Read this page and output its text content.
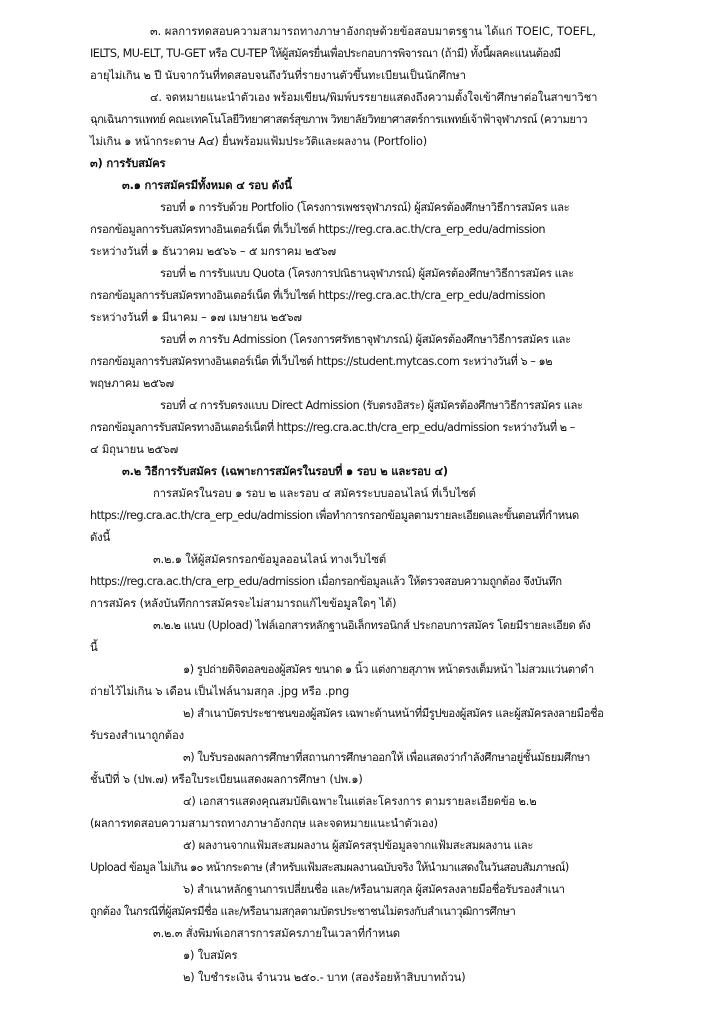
๓. ผลการทดสอบความสามารถทางภาษาอังกฤษด้วยข้อสอบมาตรฐาน ได้แก่ TOEIC, TOEFL,
IELTS, MU-ELT, TU-GET หรือ CU-TEP ให้ผู้สมัครยื่นเพื่อประกอบการพิจารณา (ถ้ามี) ทั้งนี้ผลคะแนนต้องมี
อายุไม่เกิน ๒ ปี นับจากวันที่ทดสอบจนถึงวันที่รายงานตัวขึ้นทะเบียนเป็นนักศึกษา
๔. จดหมายแนะนำตัวเอง พร้อมเขียน/พิมพ์บรรยายแสดงถึงความตั้งใจเข้าศึกษาต่อในสาขาวิชา
ฉุกเฉินการแพทย์ คณะเทคโนโลยีวิทยาศาสตร์สุขภาพ วิทยาลัยวิทยาศาสตร์การแพทย์เจ้าฟ้าจุฬาภรณ์ (ความยาว
ไม่เกิน ๑ หน้ากระดาษ A๔) ยื่นพร้อมแฟ้มประวัติและผลงาน (Portfolio)
๓) การรับสมัคร
๓.๑ การสมัครมีทั้งหมด ๔ รอบ ดังนี้
รอบที่ ๑ การรับด้วย Portfolio (โครงการเพชรจุฬาภรณ์) ผู้สมัครต้องศึกษาวิธีการสมัคร และ
กรอกข้อมูลการรับสมัครทางอินเตอร์เน็ต ที่เว็บไซต์ https://reg.cra.ac.th/cra_erp_edu/admission
ระหว่างวันที่ ๑ ธันวาคม ๒๕๖๖ – ๕ มกราคม ๒๕๖๗
รอบที่ ๒ การรับแบบ Quota (โครงการปณิธานจุฬาภรณ์) ผู้สมัครต้องศึกษาวิธีการสมัคร และ
กรอกข้อมูลการรับสมัครทางอินเตอร์เน็ต ที่เว็บไซต์ https://reg.cra.ac.th/cra_erp_edu/admission
ระหว่างวันที่ ๑ มีนาคม – ๑๗ เมษายน ๒๕๖๗
รอบที่ ๓ การรับ Admission (โครงการศรัทธาจุฬาภรณ์) ผู้สมัครต้องศึกษาวิธีการสมัคร และ
กรอกข้อมูลการรับสมัครทางอินเตอร์เน็ต ที่เว็บไซต์ https://student.mytcas.com ระหว่างวันที่ ๖ – ๑๒
พฤษภาคม ๒๕๖๗
รอบที่ ๔ การรับตรงแบบ Direct Admission (รับตรงอิสระ) ผู้สมัครต้องศึกษาวิธีการสมัคร และ
กรอกข้อมูลการรับสมัครทางอินเตอร์เน็ตที่ https://reg.cra.ac.th/cra_erp_edu/admission ระหว่างวันที่ ๒ –
๔ มิถุนายน ๒๕๖๗
๓.๒ วิธีการรับสมัคร (เฉพาะการสมัครในรอบที่ ๑ รอบ ๒ และรอบ ๔)
การสมัครในรอบ ๑ รอบ ๒ และรอบ ๔ สมัครระบบออนไลน์ ที่เว็บไซต์
https://reg.cra.ac.th/cra_erp_edu/admission เพื่อทำการกรอกข้อมูลตามรายละเอียดและขั้นตอนที่กำหนด
ดังนี้
๓.๒.๑ ให้ผู้สมัครกรอกข้อมูลออนไลน์ ทางเว็บไซต์
https://reg.cra.ac.th/cra_erp_edu/admission เมื่อกรอกข้อมูลแล้ว ให้ตรวจสอบความถูกต้อง จึงบันทึก
การสมัคร (หลังบันทึกการสมัครจะไม่สามารถแก้ไขข้อมูลใดๆ ได้)
๓.๒.๒ แนบ (Upload) ไฟล์เอกสารหลักฐานอิเล็กทรอนิกส์ ประกอบการสมัคร โดยมีรายละเอียด ดัง
นี้
๑) รูปถ่ายดิจิตอลของผู้สมัคร ขนาด ๑ นิ้ว แต่งกายสุภาพ หน้าตรงเต็มหน้า ไม่สวมแว่นตาดำ
ถ่ายไว้ไม่เกิน ๖ เดือน เป็นไฟล์นามสกุล .jpg หรือ .png
๒) สำเนาบัตรประชาชนของผู้สมัคร เฉพาะด้านหน้าที่มีรูปของผู้สมัคร และผู้สมัครลงลายมือชื่อ
รับรองสำเนาถูกต้อง
๓) ใบรับรองผลการศึกษาที่สถานการศึกษาออกให้ เพื่อแสดงว่ากำลังศึกษาอยู่ชั้นมัธยมศึกษา
ชั้นปีที่ ๖ (ปพ.๗) หรือใบระเบียนแสดงผลการศึกษา (ปพ.๑)
๔) เอกสารแสดงคุณสมบัติเฉพาะในแต่ละโครงการ ตามรายละเอียดข้อ ๒.๒
(ผลการทดสอบความสามารถทางภาษาอังกฤษ และจดหมายแนะนำตัวเอง)
๕) ผลงานจากแฟ้มสะสมผลงาน ผู้สมัครสรุปข้อมูลจากแฟ้มสะสมผลงาน และ
Upload ข้อมูล ไม่เกิน ๑๐ หน้ากระดาษ (สำหรับแฟ้มสะสมผลงานฉบับจริง ให้นำมาแสดงในวันสอบสัมภาษณ์)
๖) สำเนาหลักฐานการเปลี่ยนชื่อ และ/หรือนามสกุล ผู้สมัครลงลายมือชื่อรับรองสำเนา
ถูกต้อง ในกรณีที่ผู้สมัครมีชื่อ และ/หรือนามสกุลตามบัตรประชาชนไม่ตรงกับสำเนาวุฒิการศึกษา
๓.๒.๓ สั่งพิมพ์เอกสารการสมัครภายในเวลาที่กำหนด
๑) ใบสมัคร
๒) ใบชำระเงิน จำนวน ๒๕๐.- บาท (สองร้อยห้าสิบบาทถ้วน)
